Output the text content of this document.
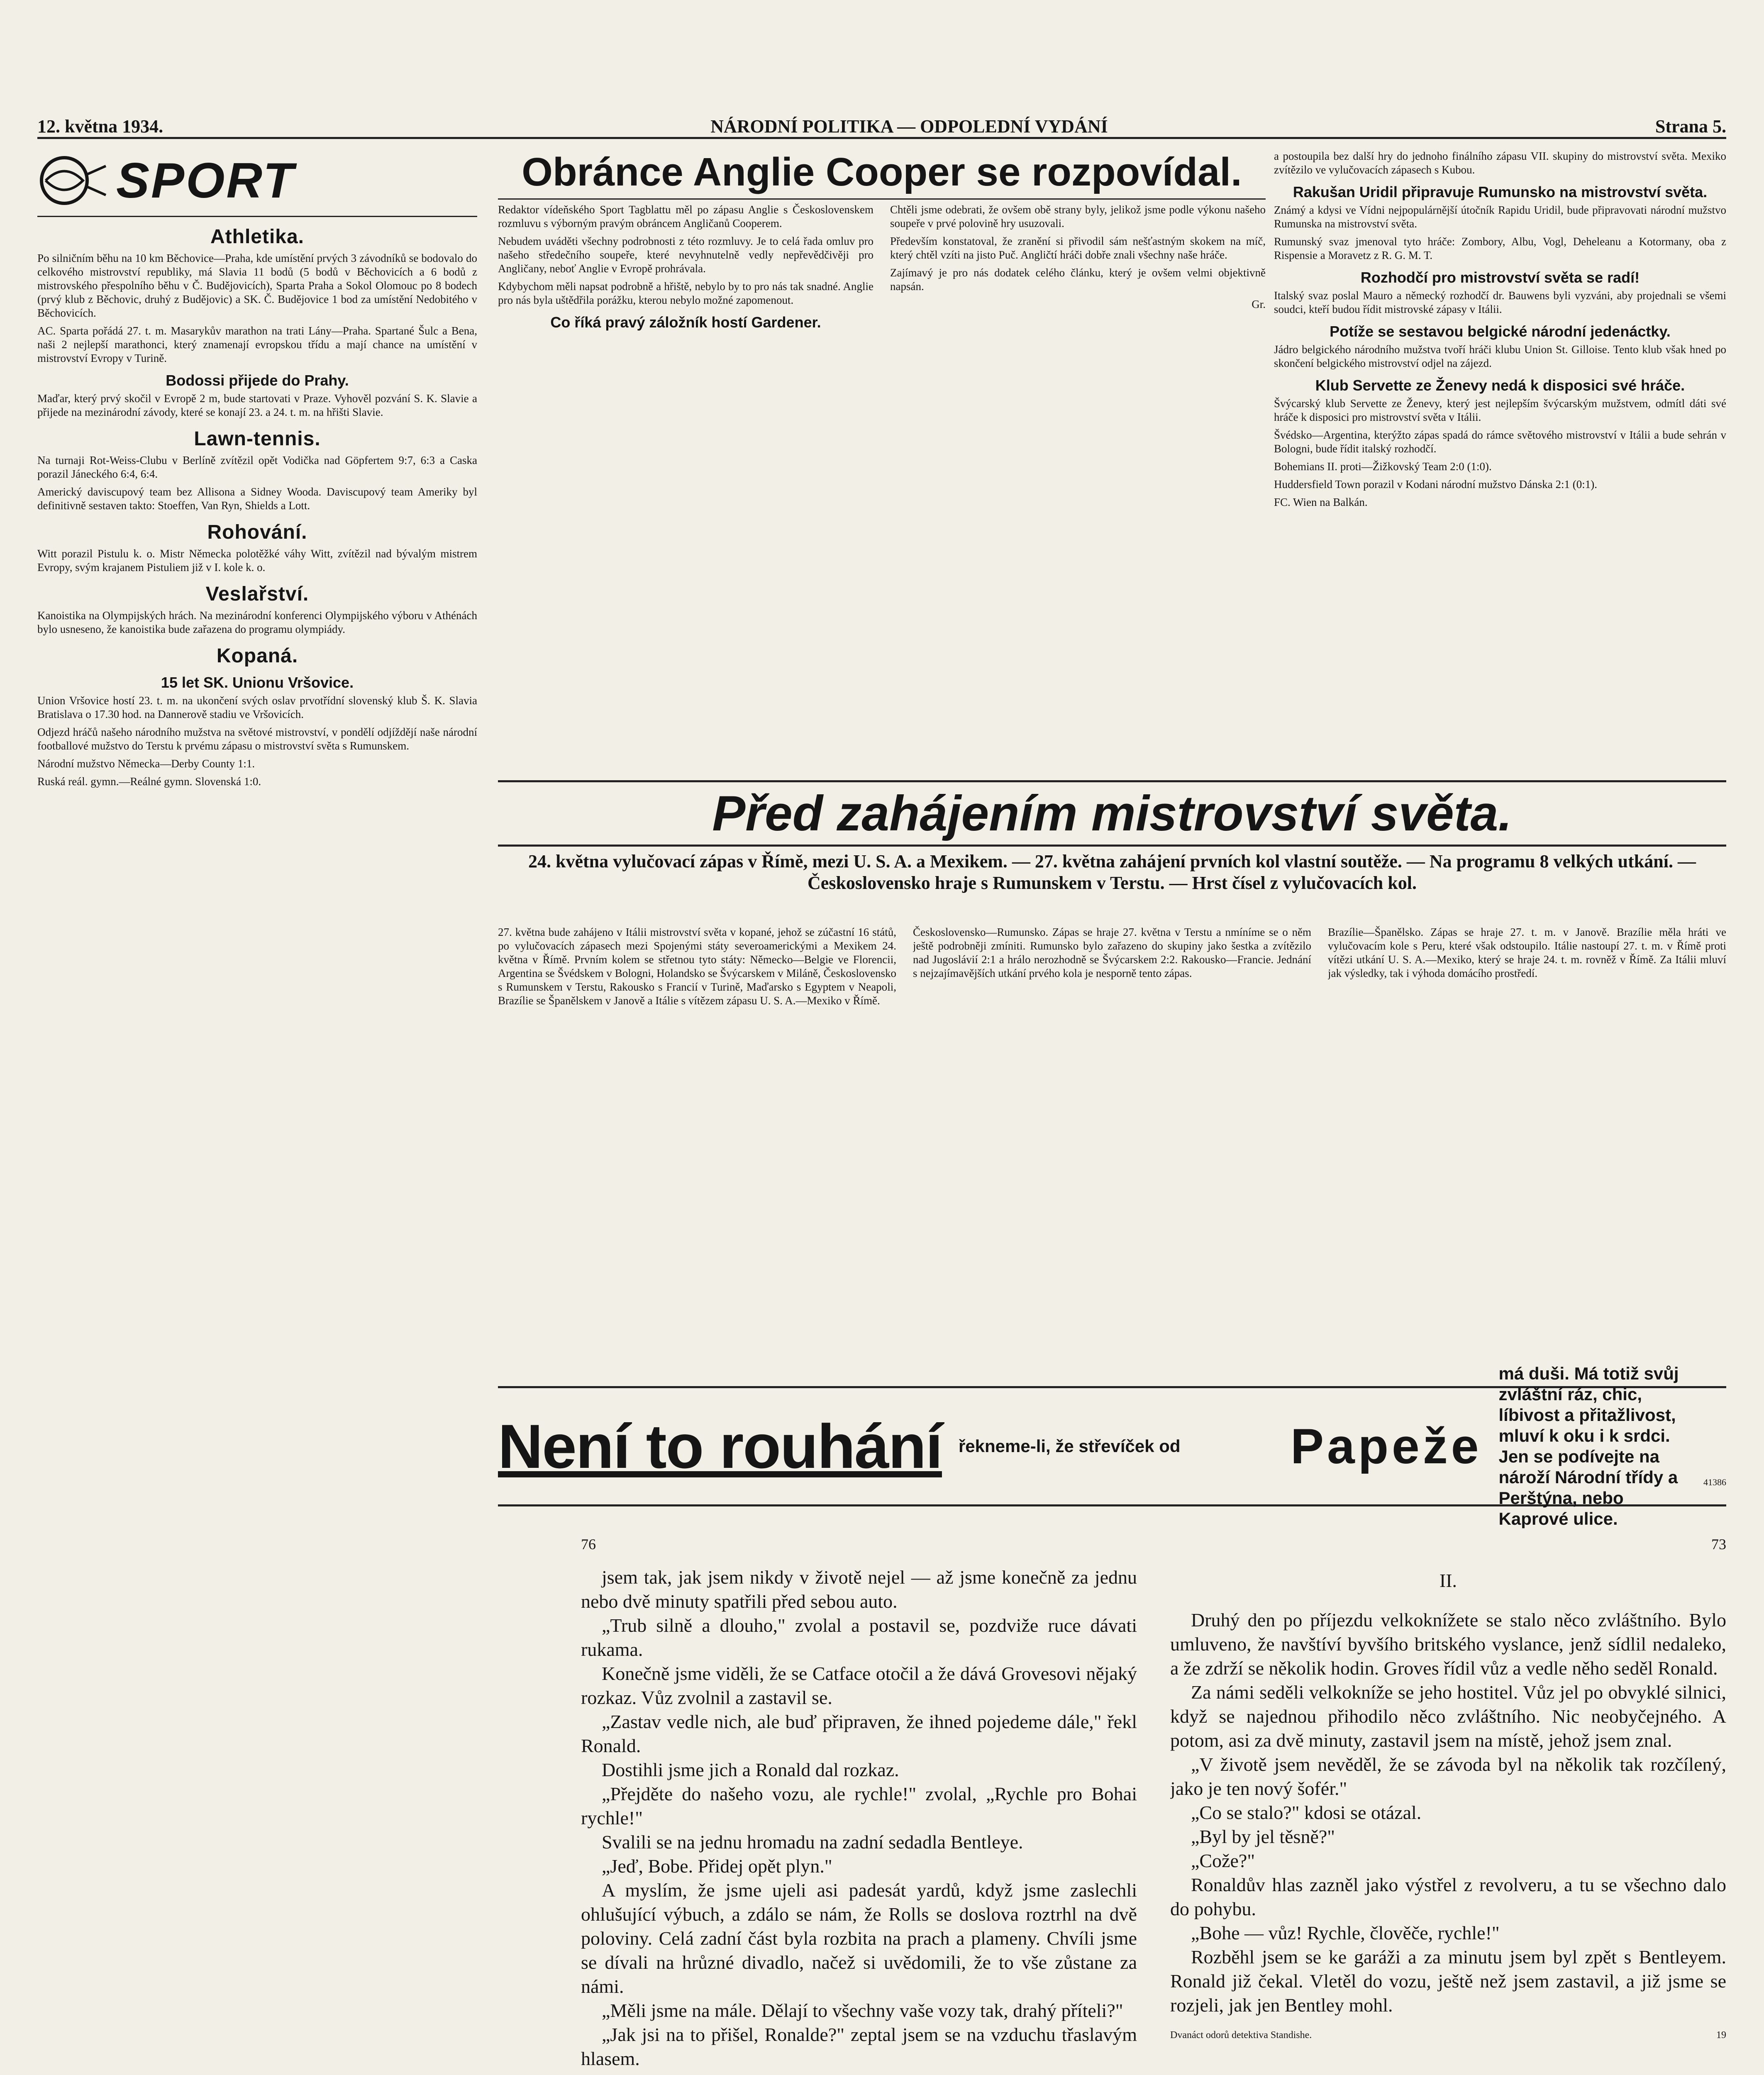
12. května 1934.	NÁRODNÍ POLITIKA — ODPOLEDNÍ VYDÁNÍ	Strana 5.
SPORT
Athletika.

Po silničním běhu na 10 km Běchovice—Praha, kde umístění prvých 3 závodníků se bodovalo do celkového mistrovství republiky, má Slavia 11 bodů (5 bodů v Běchovicích a 6 bodů z mistrovského přespolního běhu v Č. Budějovicích), Sparta Praha a Sokol Olomouc po 8 bodech (prvý klub z Běchovic, druhý z Budějovic) a SK. Č. Budějovice 1 bod za umístění Nedobitého v Běchovicích.

AC. Sparta pořádá 27. t. m. Masarykův marathon na trati Lány—Praha. Spartané Šulc a Bena, naši 2 nejlepší marathonci, který znamenají evropskou třídu a mají chance na umístění v mistrovství Evropy v Turině.

Bodossi přijede do Prahy.

Maďar, který prvý skočil v Evropě 2 m, bude startovati v Praze. Vyhověl pozvání S. K. Slavie a přijede na mezinárodní závody, které se konají 23. a 24. t. m. na hřišti Slavie.

Lawn-tennis.

Na turnaji Rot-Weiss-Clubu v Berlíně zvítězil opět Vodička nad Göpfertem 9:7, 6:3 a Caska porazil Jáneckého 6:4, 6:4.

Americký daviscupový team bez Allisona a Sidney Wooda. Daviscupový team Ameriky byl definitivně sestaven takto: Stoeffen, Van Ryn, Shields a Lott.

Rohování.

Witt porazil Pistulu k. o. Mistr Německa polotěžké váhy Witt, zvítězil nad bývalým mistrem Evropy, svým krajanem Pistuliem již v I. kole k. o.

Veslařství.

Kanoistika na Olympijských hrách. Na mezinárodní konferenci Olympijského výboru v Athénách bylo usneseno, že kanoistika bude zařazena do programu olympiády.

Kopaná.
15 let SK. Unionu Vršovice.

Union Vršovice hostí 23. t. m. na ukončení svých oslav prvotřídní slovenský klub Š. K. Slavia Bratislava o 17.30 hod. na Dannerově stadiu ve Vršovicích.

Odjezd hráčů našeho národního mužstva na světové mistrovství, v pondělí odjíždějí naše národní footballové mužstvo do Terstu k prvému zápasu o mistrovství světa s Rumunskem.

Národní mužstvo Německa—Derby County 1:1.

Ruská reál. gymn.—Reálné gymn. Slovenská 1:0.

Obránce Anglie Cooper se rozpovídal.

Redaktor vídeňského Sport Tagblattu měl po zápasu Anglie s Československem rozmluvu s výborným pravým obráncem Angličanů Cooperem.

Nebudem uváděti všechny podrobnosti z této rozmluvy. Je to celá řada omluv pro našeho středečního soupeře, které nevyhnutelně vedly nepřevědčivěji pro Angličany, neboť Anglie v Evropě prohrávala.

Kdybychom měli napsat podrobně a hřiště, nebylo by to pro nás tak snadné. Anglie pro nás byla uštědřila porážku, kterou nebylo možné zapomenout.

Co říká pravý záložník hostí Gardener.

Chtěli jsme odebrati, že ovšem obě strany byly, jelikož jsme podle výkonu našeho soupeře v prvé polovině hry usuzovali.

Především konstatoval, že zranění si přivodil sám nešťastným skokem na míč, který chtěl vzíti na jisto Puč. Angličtí hráči dobře znali všechny naše hráče.

Zajímavý je pro nás dodatek celého článku, který je ovšem velmi objektivně napsán.

Gr.

a postoupila bez další hry do jednoho finálního zápasu VII. skupiny do mistrovství světa. Mexiko zvítězilo ve vylučovacích zápasech s Kubou.

Rakušan Uridil připravuje Rumunsko na mistrovství světa.

Známý a kdysi ve Vídni nejpopulárnější útočník Rapidu Uridil, bude připravovati národní mužstvo Rumunska na mistrovství světa.

Rumunský svaz jmenoval tyto hráče: Zombory, Albu, Vogl, Deheleanu a Kotormany, oba z Rispensie a Moravetz z R. G. M. T.

Rozhodčí pro mistrovství světa se radí!

Italský svaz poslal Mauro a německý rozhodčí dr. Bauwens byli vyzváni, aby projednali se všemi soudci, kteří budou řídit mistrovské zápasy v Itálii.

Potíže se sestavou belgické národní jedenáctky.

Jádro belgického národního mužstva tvoří hráči klubu Union St. Gilloise. Tento klub však hned po skončení belgického mistrovství odjel na zájezd.

Klub Servette ze Ženevy nedá k disposici své hráče.

Švýcarský klub Servette ze Ženevy, který jest nejlepším švýcarským mužstvem, odmítl dáti své hráče k disposici pro mistrovství světa v Itálii.

Švédsko—Argentina, kterýžto zápas spadá do rámce světového mistrovství v Itálii a bude sehrán v Bologni, bude řídit italský rozhodčí.

Bohemians II. proti—Žižkovský Team 2:0 (1:0).

Huddersfield Town porazil v Kodani národní mužstvo Dánska 2:1 (0:1).

FC. Wien na Balkán.

Před zahájením mistrovství světa.
24. května vylučovací zápas v Římě, mezi U. S. A. a Mexikem. — 27. května zahájení prvních kol vlastní soutěže. — Na programu 8 velkých utkání. — Československo hraje s Rumunskem v Terstu. — Hrst čísel z vylučovacích kol.

27. května bude zahájeno v Itálii mistrovství světa v kopané, jehož se zúčastní 16 států, po vylučovacích zápasech mezi Spojenými státy severoamerickými a Mexikem 24. května v Římě. Prvním kolem se střetnou tyto státy: Německo—Belgie ve Florencii, Argentina se Švédskem v Bologni, Holandsko se Švýcarskem v Miláně, Československo s Rumunskem v Terstu, Rakousko s Francií v Turině, Maďarsko s Egyptem v Neapoli, Brazílie se Španělskem v Janově a Itálie s vítězem zápasu U. S. A.—Mexiko v Římě.

Československo—Rumunsko. Zápas se hraje 27. května v Terstu a nmíníme se o něm ještě podrobněji zmíniti. Rumunsko bylo zařazeno do skupiny jako šestka a zvítězilo nad Jugoslávií 2:1 a hrálo nerozhodně se Švýcarskem 2:2. Rakousko—Francie. Jednání s nejzajímavějších utkání prvého kola je nesporně tento zápas.

Brazílie—Španělsko. Zápas se hraje 27. t. m. v Janově. Brazílie měla hráti ve vylučovacím kole s Peru, které však odstoupilo. Itálie nastoupí 27. t. m. v Římě proti vítězi utkání U. S. A.—Mexiko, který se hraje 24. t. m. rovněž v Římě. Za Itálii mluví jak výsledky, tak i výhoda domácího prostředí.

Není to rouhání řekneme-li, že střevíček od	Papeže
má duši. Má totiž svůj zvláštní ráz, chic, líbivost a přitažlivost, mluví k oku i k srdci. Jen se podívejte na nároží Národní třídy a Perštýna, nebo Kaprové ulice.
41386
76	73

jsem tak, jak jsem nikdy v životě nejel — až jsme konečně za jednu nebo dvě minuty spatřili před sebou auto.

„Trub silně a dlouho," zvolal a postavil se, pozdviže ruce dávati rukama.

Konečně jsme viděli, že se Catface otočil a že dává Grovesovi nějaký rozkaz. Vůz zvolnil a zastavil se.

„Zastav vedle nich, ale buď připraven, že ihned pojedeme dále," řekl Ronald.

Dostihli jsme jich a Ronald dal rozkaz.

„Přejděte do našeho vozu, ale rychle!" zvolal, „Rychle pro Bohai rychle!"

Svalili se na jednu hromadu na zadní sedadla Bentleye.

„Jeď, Bobe. Přidej opět plyn."

A myslím, že jsme ujeli asi padesát yardů, když jsme zaslechli ohlušující výbuch, a zdálo se nám, že Rolls se doslova roztrhl na dvě poloviny. Celá zadní část byla rozbita na prach a plameny. Chvíli jsme se dívali na hrůzné divadlo, načež si uvědomili, že to vše zůstane za námi.

„Měli jsme na mále. Dělají to všechny vaše vozy tak, drahý příteli?"

„Jak jsi na to přišel, Ronalde?" zeptal jsem se na vzduchu třaslavým hlasem.

II.

Druhý den po příjezdu velkoknížete se stalo něco zvláštního. Bylo umluveno, že navštíví byvšího britského vyslance, jenž sídlil nedaleko, a že zdrží se několik hodin. Groves řídil vůz a vedle něho seděl Ronald.

Za námi seděli velkokníže se jeho hostitel. Vůz jel po obvyklé silnici, když se najednou přihodilo něco zvláštního. Nic neobyčejného. A potom, asi za dvě minuty, zastavil jsem na místě, jehož jsem znal.

„V životě jsem nevěděl, že se závoda byl na několik tak rozčílený, jako je ten nový šofér."

„Co se stalo?" kdosi se otázal.

„Byl by jel těsně?"

„Cože?"

Ronaldův hlas zazněl jako výstřel z revolveru, a tu se všechno dalo do pohybu.

„Bohe — vůz! Rychle, člověče, rychle!"

Rozběhl jsem se ke garáži a za minutu jsem byl zpět s Bentleyem. Ronald již čekal. Vletěl do vozu, ještě než jsem zastavil, a již jsme se rozjeli, jak jen Bentley mohl.

Dvanáct odorů detektiva Standishe.	19
